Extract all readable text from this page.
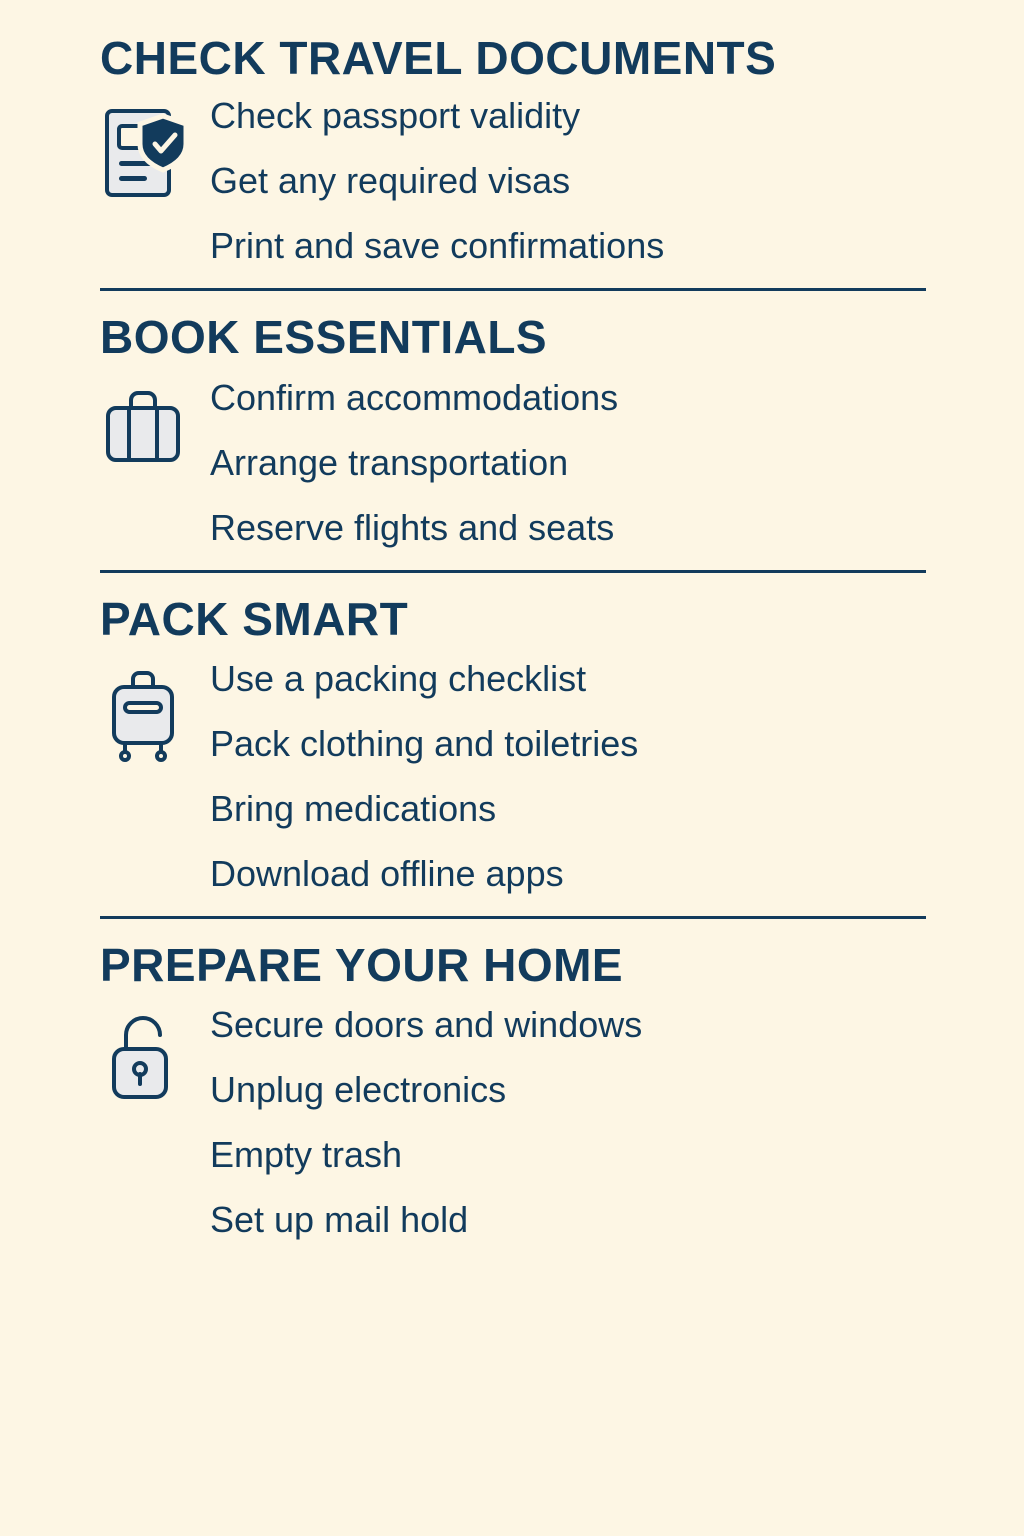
CHECK TRAVEL DOCUMENTS
Check passport validity
Get any required visas
Print and save confirmations
BOOK ESSENTIALS
Confirm accommodations
Arrange transportation
Reserve flights and seats
PACK SMART
Use a packing checklist
Pack clothing and toiletries
Bring medications
Download offline apps
PREPARE YOUR HOME
Secure doors and windows
Unplug electronics
Empty trash
Set up mail hold
